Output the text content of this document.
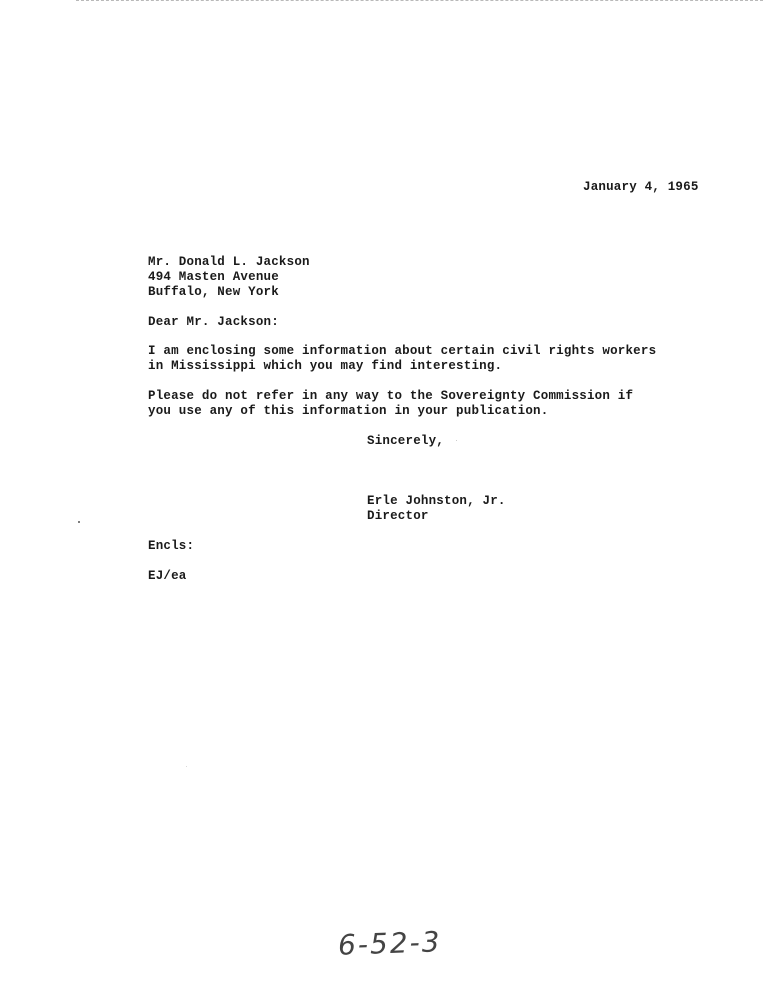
January 4, 1965
Mr. Donald L. Jackson
494 Masten Avenue
Buffalo, New York
Dear Mr. Jackson:
I am enclosing some information about certain civil rights workers
in Mississippi which you may find interesting.
Please do not refer in any way to the Sovereignty Commission if
you use any of this information in your publication.
Sincerely,
Erle Johnston, Jr.
Director
Encls:
EJ/ea
6-52-3
